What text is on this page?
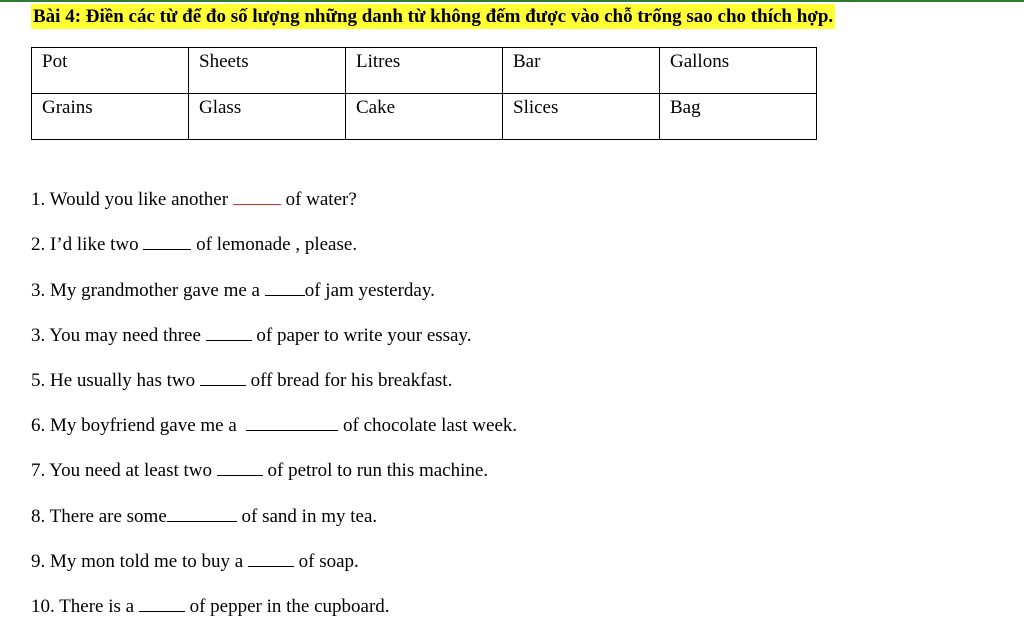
Bài 4: Điền các từ để đo số lượng những danh từ không đếm được vào chỗ trống sao cho thích hợp.
Pot	Sheets	Litres	Bar	Gallons
Grains	Glass	Cake	Slices	Bag
1. Would you like another	of water?
2. I’d like two	of lemonade , please.
3. My grandmother gave me a of jam yesterday.
3. You may need three  of paper to write your essay.
5. He usually has two  off bread for his breakfast.
6. My boyfriend gave me a	of chocolate last week.
7. You need at least two  of petrol to run this machine.
8. There are some	of sand in my tea.
9. My mon told me to buy a  of soap.
10. There is a  of pepper in the cupboard.
